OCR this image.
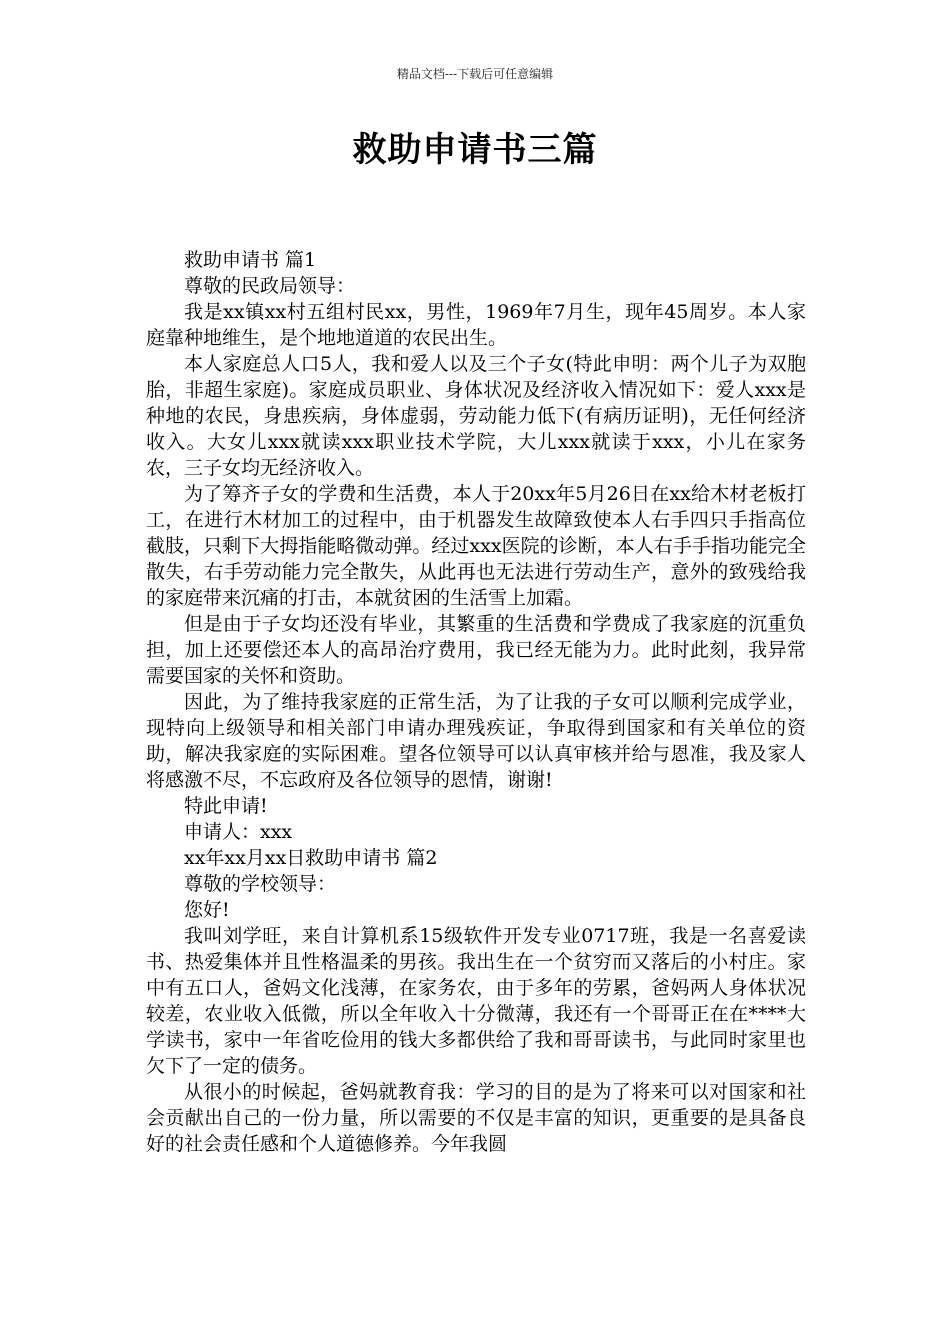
精品文档---下载后可任意编辑
救助申请书三篇

救助申请书 篇1

尊敬的民政局领导：

我是xx镇xx村五组村民xx，男性，1969年7月生，现年45周岁。本人家庭靠种地维生，是个地地道道的农民出生。

本人家庭总人口5人，我和爱人以及三个子女(特此申明：两个儿子为双胞胎，非超生家庭)。家庭成员职业、身体状况及经济收入情况如下：爱人xxx是种地的农民，身患疾病，身体虚弱，劳动能力低下(有病历证明)，无任何经济收入。大女儿xxx就读xxx职业技术学院，大儿xxx就读于xxx，小儿在家务农，三子女均无经济收入。

为了筹齐子女的学费和生活费，本人于20xx年5月26日在xx给木材老板打工，在进行木材加工的过程中，由于机器发生故障致使本人右手四只手指高位截肢，只剩下大拇指能略微动弹。经过xxx医院的诊断，本人右手手指功能完全散失，右手劳动能力完全散失，从此再也无法进行劳动生产，意外的致残给我的家庭带来沉痛的打击，本就贫困的生活雪上加霜。

但是由于子女均还没有毕业，其繁重的生活费和学费成了我家庭的沉重负担，加上还要偿还本人的高昂治疗费用，我已经无能为力。此时此刻，我异常需要国家的关怀和资助。

因此，为了维持我家庭的正常生活，为了让我的子女可以顺利完成学业，现特向上级领导和相关部门申请办理残疾证，争取得到国家和有关单位的资助，解决我家庭的实际困难。望各位领导可以认真审核并给与恩准，我及家人将感激不尽，不忘政府及各位领导的恩情，谢谢!

特此申请!

申请人：xxx

xx年xx月xx日救助申请书 篇2

尊敬的学校领导：

您好!

我叫刘学旺，来自计算机系15级软件开发专业0717班，我是一名喜爱读书、热爱集体并且性格温柔的男孩。我出生在一个贫穷而又落后的小村庄。家中有五口人，爸妈文化浅薄，在家务农，由于多年的劳累，爸妈两人身体状况较差，农业收入低微，所以全年收入十分微薄，我还有一个哥哥正在在****大学读书，家中一年省吃俭用的钱大多都供给了我和哥哥读书，与此同时家里也欠下了一定的债务。

从很小的时候起，爸妈就教育我：学习的目的是为了将来可以对国家和社会贡献出自己的一份力量，所以需要的不仅是丰富的知识，更重要的是具备良好的社会责任感和个人道德修养。今年我圆
